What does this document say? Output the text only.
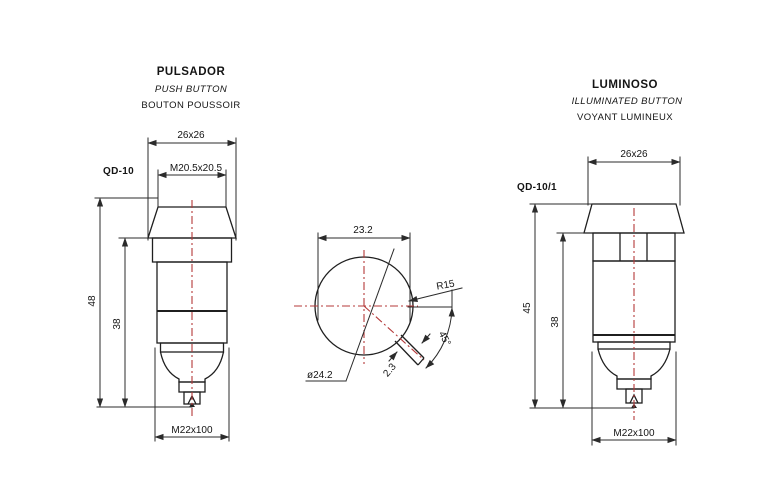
PULSADOR
PUSH BUTTON
BOUTON POUSSOIR
QD-10
26x26
M20.5x20.5
48
38
M22x100
23.2
2.3
45°
R15
ø24.2
LUMINOSO
ILLUMINATED BUTTON
VOYANT LUMINEUX
QD-10/1
26x26
45
38
M22x100
